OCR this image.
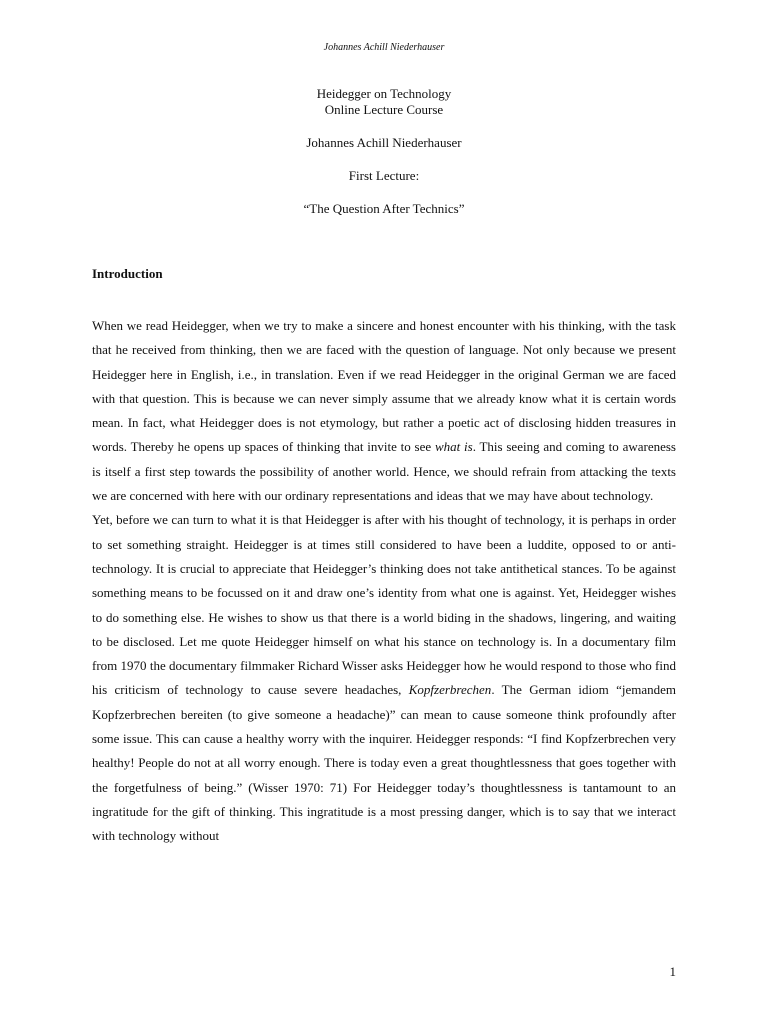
Johannes Achill Niederhauser
Heidegger on Technology
Online Lecture Course
Johannes Achill Niederhauser
First Lecture:
“The Question After Technics”
Introduction

When we read Heidegger, when we try to make a sincere and honest encounter with his thinking, with the task that he received from thinking, then we are faced with the question of language. Not only because we present Heidegger here in English, i.e., in translation. Even if we read Heidegger in the original German we are faced with that question. This is because we can never simply assume that we already know what it is certain words mean. In fact, what Heidegger does is not etymology, but rather a poetic act of disclosing hidden treasures in words. Thereby he opens up spaces of thinking that invite to see what is. This seeing and coming to awareness is itself a first step towards the possibility of another world. Hence, we should refrain from attacking the texts we are concerned with here with our ordinary representations and ideas that we may have about technology.

Yet, before we can turn to what it is that Heidegger is after with his thought of technology, it is perhaps in order to set something straight. Heidegger is at times still considered to have been a luddite, opposed to or anti-technology. It is crucial to appreciate that Heidegger’s thinking does not take antithetical stances. To be against something means to be focussed on it and draw one’s identity from what one is against. Yet, Heidegger wishes to do something else. He wishes to show us that there is a world biding in the shadows, lingering, and waiting to be disclosed. Let me quote Heidegger himself on what his stance on technology is. In a documentary film from 1970 the documentary filmmaker Richard Wisser asks Heidegger how he would respond to those who find his criticism of technology to cause severe headaches, Kopfzerbrechen. The German idiom “jemandem Kopfzerbrechen bereiten (to give someone a headache)” can mean to cause someone think profoundly after some issue. This can cause a healthy worry with the inquirer. Heidegger responds: “I find Kopfzerbrechen very healthy! People do not at all worry enough. There is today even a great thoughtlessness that goes together with the forgetfulness of being.” (Wisser 1970: 71) For Heidegger today’s thoughtlessness is tantamount to an ingratitude for the gift of thinking. This ingratitude is a most pressing danger, which is to say that we interact with technology without

1
